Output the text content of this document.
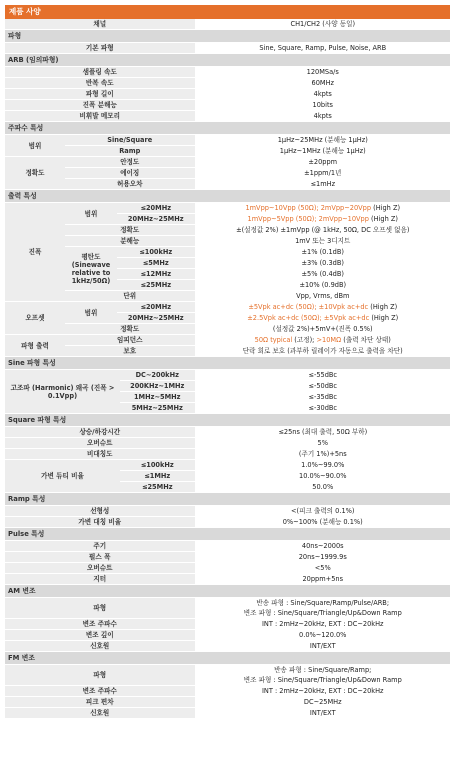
제품 사양
채널	CH1/CH2 (사양 동일)
파형
기본 파형	Sine, Square, Ramp, Pulse, Noise, ARB
ARB (임의파형)
샘플링 속도	120MSa/s
반복 속도	60MHz
파형 길이	4kpts
진폭 분해능	10bits
비휘발 메모리	4kpts
주파수 특성
범위	Sine/Square	1μHz~25MHz (분해능 1μHz)
	Ramp	1μHz~1MHz (분해능 1μHz)
정확도	안정도	±20ppm
	에이징	±1ppm/1년
	허용오차	≤1mHz
출력 특성
진폭	범위	≤20MHz	1mVpp~10Vpp (50Ω); 2mVpp~20Vpp (High Z)
		20MHz~25MHz	1mVpp~5Vpp (50Ω); 2mVpp~10Vpp (High Z)
	정확도		±(설정값 2%) ±1mVpp (@ 1kHz, 50Ω, DC 오프셋 없음)
	분해능		1mV 또는 3디지트
	평탄도 (Sinewave relative to 1kHz/50Ω)	≤100kHz	±1% (0.1dB)
		≤5MHz	±3% (0.3dB)
		≤12MHz	±5% (0.4dB)
		≤25MHz	±10% (0.9dB)
	단위		Vpp, Vrms, dBm
오프셋	범위	≤20MHz	±5Vpk ac+dc (50Ω); ±10Vpk ac+dc (High Z)
		20MHz~25MHz	±2.5Vpk ac+dc (50Ω); ±5Vpk ac+dc (High Z)
	정확도		(설정값 2%)+5mV+(진폭 0.5%)
파형 출력	임피던스		50Ω typical (고정); >10MΩ (출력 차단 상태)
	보호		단락 회로 보호 (과부하 릴레이가 자동으로 출력을 차단)
Sine 파형 특성
고조파 (Harmonic) 왜곡 (진폭 > 0.1Vpp)	DC~200kHz	≤-55dBc
	200KHz~1MHz	≤-50dBc
	1MHz~5MHz	≤-35dBc
	5MHz~25MHz	≤-30dBc
Square 파형 특성
상승/하강시간		≤25ns (최대 출력, 50Ω 부하)
오버슈트		5%
비대칭도		(주기 1%)+5ns
가변 듀티 비율	≤100kHz	1.0%~99.0%
	≤1MHz	10.0%~90.0%
	≤25MHz	50.0%
Ramp 특성
선형성	<(피크 출력의 0.1%)
가변 대칭 비율	0%~100% (분해능 0.1%)
Pulse 특성
주기	40ns~2000s
펄스 폭	20ns~1999.9s
오버슈트	<5%
지터	20ppm+5ns
AM 변조
파형	반송 파형 : Sine/Square/Ramp/Pulse/ARB;
	변조 파형 : Sine/Square/Triangle/Up&Down Ramp
변조 주파수	INT : 2mHz~20kHz, EXT : DC~20kHz
변조 깊이	0.0%~120.0%
신호원	INT/EXT
FM 변조
파형	반송 파형 : Sine/Square/Ramp;
	변조 파형 : Sine/Square/Triangle/Up&Down Ramp
변조 주파수	INT : 2mHz~20kHz, EXT : DC~20kHz
피크 편차	DC~25MHz
신호원	INT/EXT
